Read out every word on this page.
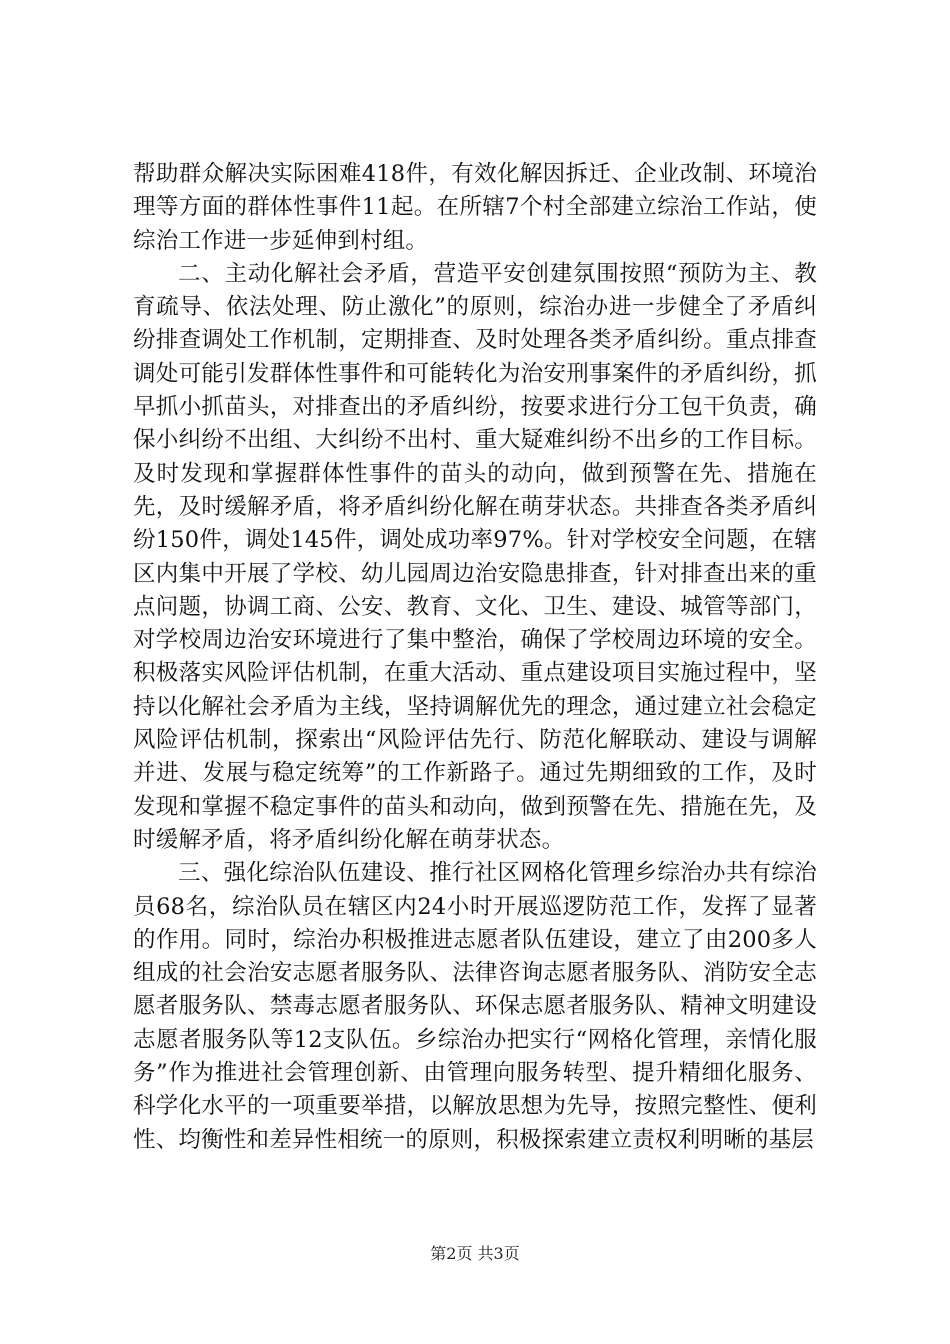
帮助群众解决实际困难418件，有效化解因拆迁、企业改制、环境治理等方面的群体性事件11起。在所辖7个村全部建立综治工作站，使综治工作进一步延伸到村组。

二、主动化解社会矛盾，营造平安创建氛围按照“预防为主、教育疏导、依法处理、防止激化”的原则，综治办进一步健全了矛盾纠纷排查调处工作机制，定期排查、及时处理各类矛盾纠纷。重点排查调处可能引发群体性事件和可能转化为治安刑事案件的矛盾纠纷，抓早抓小抓苗头，对排查出的矛盾纠纷，按要求进行分工包干负责，确保小纠纷不出组、大纠纷不出村、重大疑难纠纷不出乡的工作目标。及时发现和掌握群体性事件的苗头的动向，做到预警在先、措施在先，及时缓解矛盾，将矛盾纠纷化解在萌芽状态。共排查各类矛盾纠纷150件，调处145件，调处成功率97%。针对学校安全问题，在辖区内集中开展了学校、幼儿园周边治安隐患排查，针对排查出来的重点问题，协调工商、公安、教育、文化、卫生、建设、城管等部门，对学校周边治安环境进行了集中整治，确保了学校周边环境的安全。积极落实风险评估机制，在重大活动、重点建设项目实施过程中，坚持以化解社会矛盾为主线，坚持调解优先的理念，通过建立社会稳定风险评估机制，探索出“风险评估先行、防范化解联动、建设与调解并进、发展与稳定统筹”的工作新路子。通过先期细致的工作，及时发现和掌握不稳定事件的苗头和动向，做到预警在先、措施在先，及时缓解矛盾，将矛盾纠纷化解在萌芽状态。

三、强化综治队伍建设、推行社区网格化管理乡综治办共有综治员68名，综治队员在辖区内24小时开展巡逻防范工作，发挥了显著的作用。同时，综治办积极推进志愿者队伍建设，建立了由200多人组成的社会治安志愿者服务队、法律咨询志愿者服务队、消防安全志愿者服务队、禁毒志愿者服务队、环保志愿者服务队、精神文明建设志愿者服务队等12支队伍。乡综治办把实行“网格化管理，亲情化服务”作为推进社会管理创新、由管理向服务转型、提升精细化服务、科学化水平的一项重要举措，以解放思想为先导，按照完整性、便利性、均衡性和差异性相统一的原则，积极探索建立责权利明晰的基层

第2页 共3页
